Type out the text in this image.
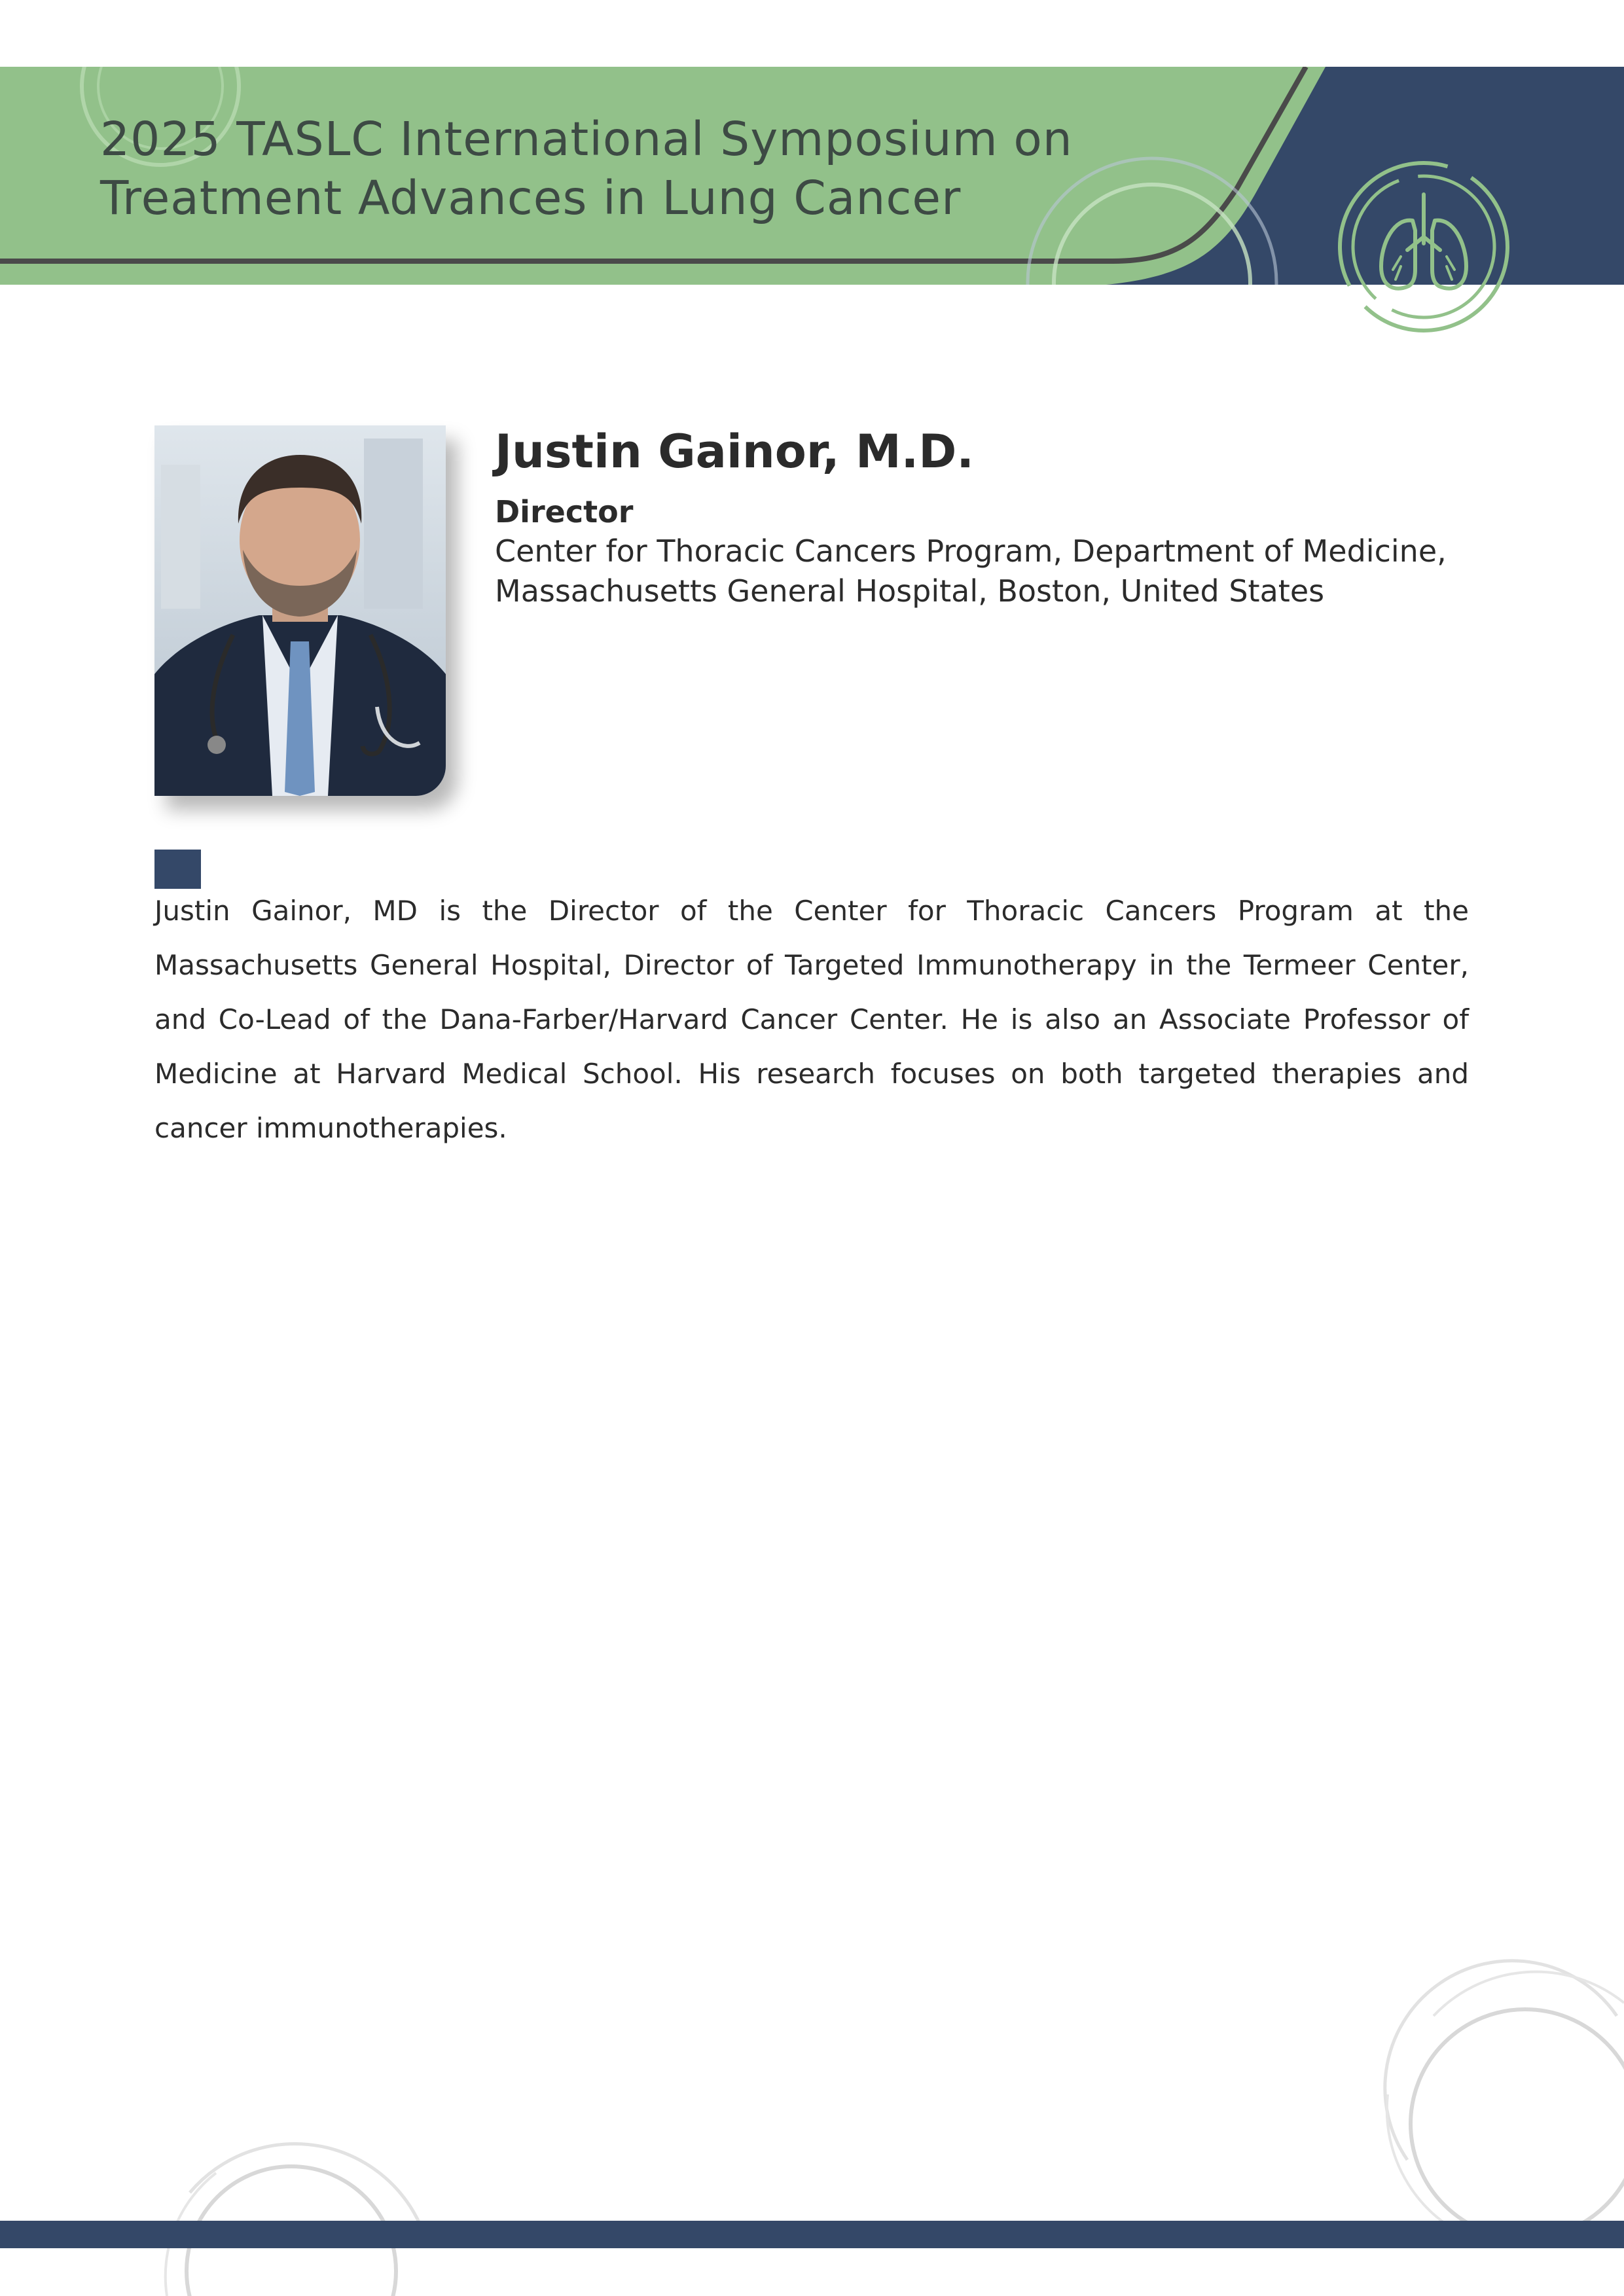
2025 TASLC International Symposium on
Treatment Advances in Lung Cancer
Justin Gainor, M.D.
Director
Center for Thoracic Cancers Program, Department of Medicine,
Massachusetts General Hospital, Boston, United States

Justin Gainor, MD is the Director of the Center for Thoracic Cancers Program at the Massachusetts General Hospital, Director of Targeted Immunotherapy in the Termeer Center, and Co-Lead of the Dana-Farber/Harvard Cancer Center. He is also an Associate Professor of Medicine at Harvard Medical School. His research focuses on both targeted therapies and cancer immunotherapies.
